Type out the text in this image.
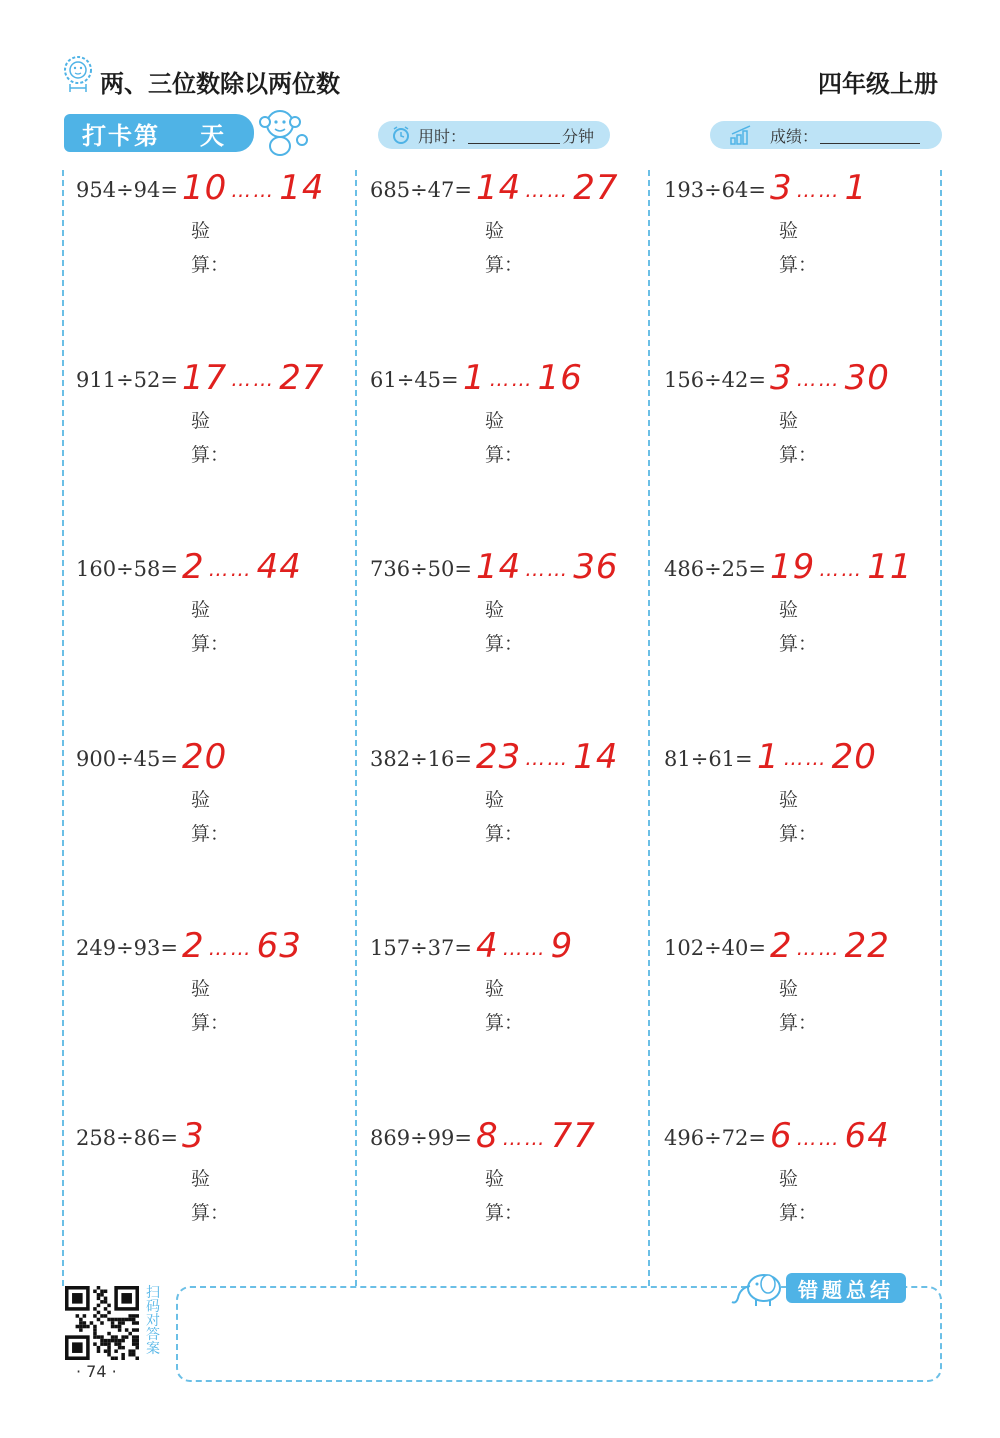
两、三位数除以两位数	四年级上册
打卡第 天	用时：	分钟	成绩：
954÷94= 10 …… 14
验
算：
685÷47= 14 …… 27
验
算：
193÷64= 3 …… 1
验
算：
911÷52= 17 …… 27
验
算：
61÷45= 1 …… 16
验
算：
156÷42= 3 …… 30
验
算：
160÷58= 2 …… 44
验
算：
736÷50= 14 …… 36
验
算：
486÷25= 19 …… 11
验
算：
900÷45= 20
验
算：
382÷16= 23 …… 14
验
算：
81÷61= 1 …… 20
验
算：
249÷93= 2 …… 63
验
算：
157÷37= 4 …… 9
验
算：
102÷40= 2 …… 22
验
算：
258÷86= 3
验
算：
869÷99= 8 …… 77
验
算：
496÷72= 6 …… 64
验
算：
扫码对答案
· 74 ·
错题总结
